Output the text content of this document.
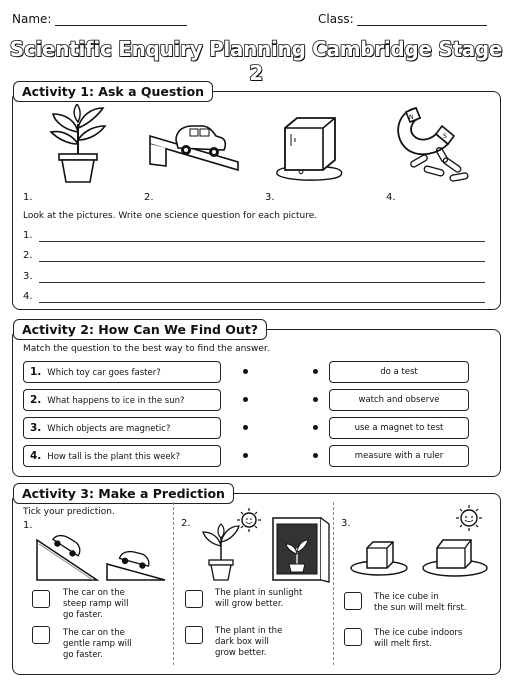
Name:	Class:
Scientific Enquiry Planning Cambridge Stage 2
Activity 1: Ask a Question
N
S
1.	2.	3.	4.
Look at the pictures. Write one science question for each picture.
1.
2.
3.
4.
Activity 2: How Can We Find Out?
Match the question to the best way to find the answer.
1. Which toy car goes faster?
2. What happens to ice in the sun?
3. Which objects are magnetic?
4. How tall is the plant this week?
do a test
watch and observe
use a magnet to test
measure with a ruler
Activity 3: Make a Prediction
Tick your prediction.
1.
The car on the
steep ramp will
go faster.
The car on the
gentle ramp will
go faster.
2.
The plant in sunlight
will grow better.
The plant in the
dark box will
grow better.
3.
The ice cube in
the sun will melt first.
The ice cube indoors
will melt first.
